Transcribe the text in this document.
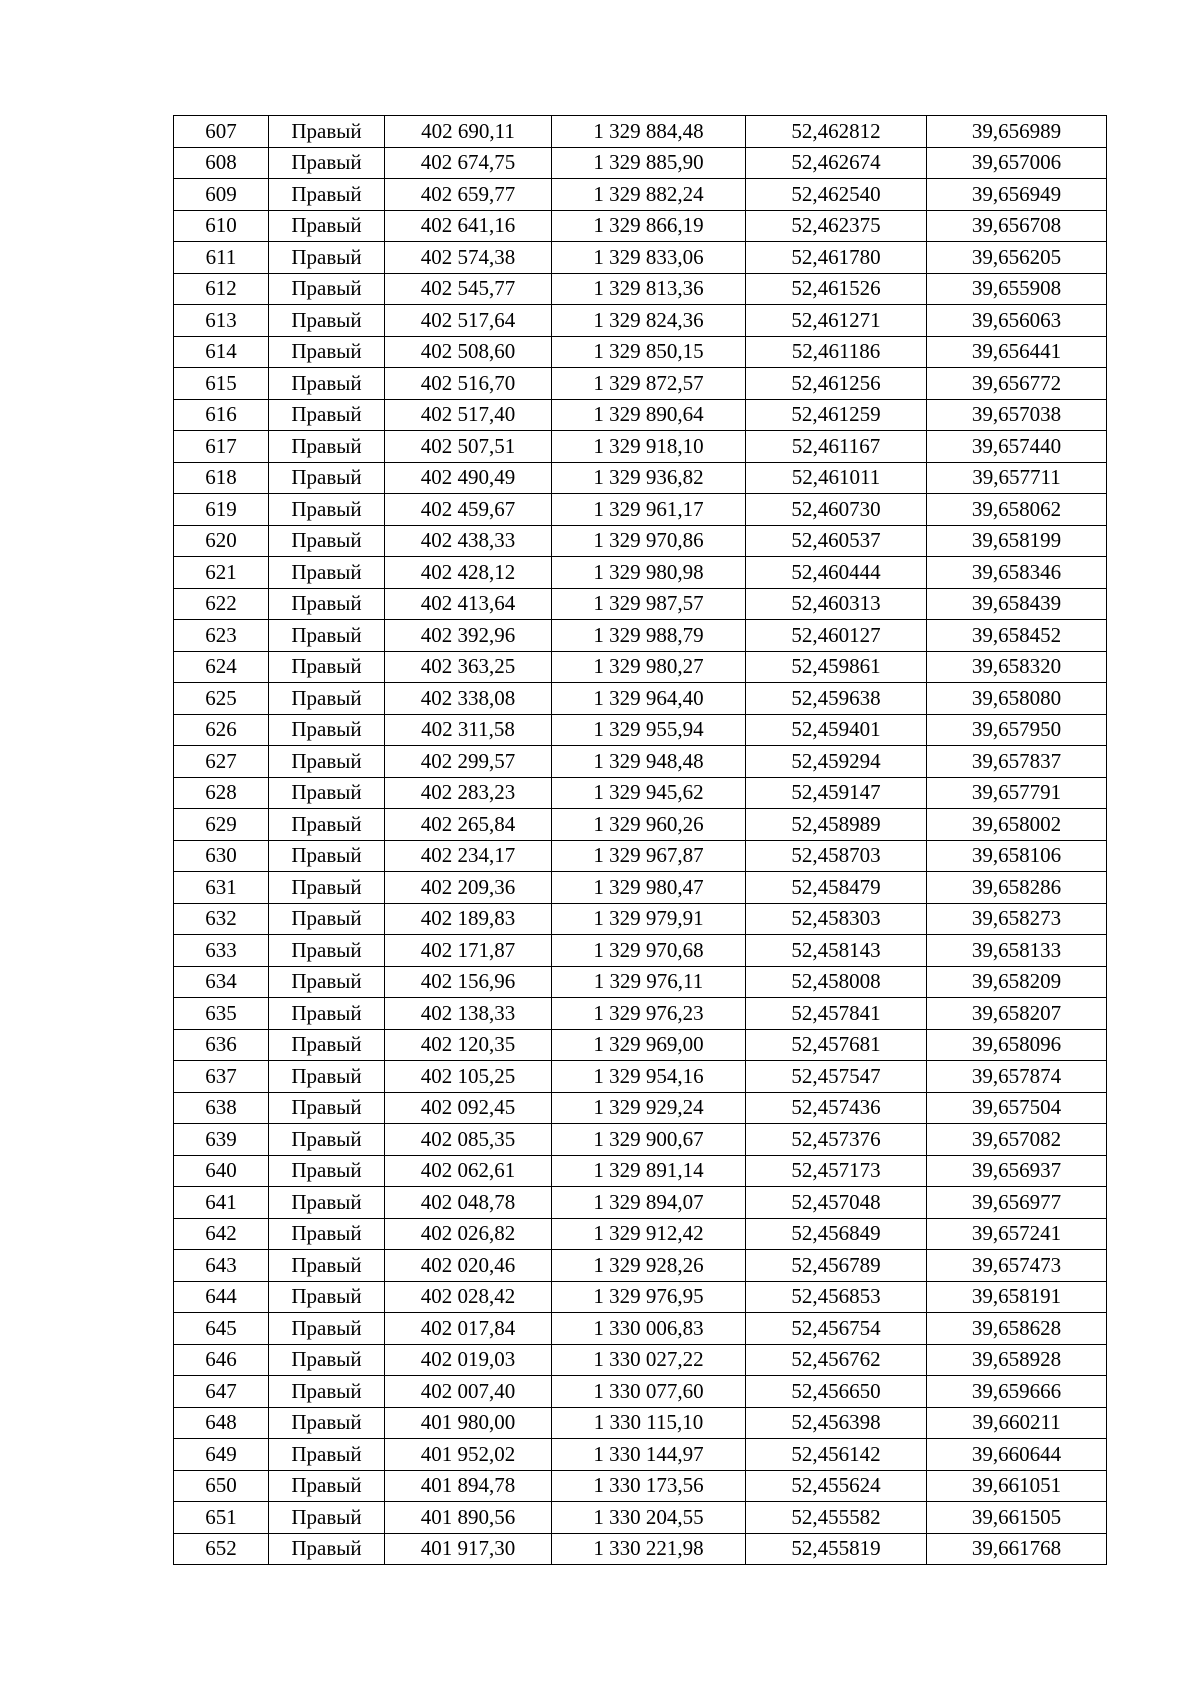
607	Правый	402 690,11	1 329 884,48	52,462812	39,656989
608	Правый	402 674,75	1 329 885,90	52,462674	39,657006
609	Правый	402 659,77	1 329 882,24	52,462540	39,656949
610	Правый	402 641,16	1 329 866,19	52,462375	39,656708
611	Правый	402 574,38	1 329 833,06	52,461780	39,656205
612	Правый	402 545,77	1 329 813,36	52,461526	39,655908
613	Правый	402 517,64	1 329 824,36	52,461271	39,656063
614	Правый	402 508,60	1 329 850,15	52,461186	39,656441
615	Правый	402 516,70	1 329 872,57	52,461256	39,656772
616	Правый	402 517,40	1 329 890,64	52,461259	39,657038
617	Правый	402 507,51	1 329 918,10	52,461167	39,657440
618	Правый	402 490,49	1 329 936,82	52,461011	39,657711
619	Правый	402 459,67	1 329 961,17	52,460730	39,658062
620	Правый	402 438,33	1 329 970,86	52,460537	39,658199
621	Правый	402 428,12	1 329 980,98	52,460444	39,658346
622	Правый	402 413,64	1 329 987,57	52,460313	39,658439
623	Правый	402 392,96	1 329 988,79	52,460127	39,658452
624	Правый	402 363,25	1 329 980,27	52,459861	39,658320
625	Правый	402 338,08	1 329 964,40	52,459638	39,658080
626	Правый	402 311,58	1 329 955,94	52,459401	39,657950
627	Правый	402 299,57	1 329 948,48	52,459294	39,657837
628	Правый	402 283,23	1 329 945,62	52,459147	39,657791
629	Правый	402 265,84	1 329 960,26	52,458989	39,658002
630	Правый	402 234,17	1 329 967,87	52,458703	39,658106
631	Правый	402 209,36	1 329 980,47	52,458479	39,658286
632	Правый	402 189,83	1 329 979,91	52,458303	39,658273
633	Правый	402 171,87	1 329 970,68	52,458143	39,658133
634	Правый	402 156,96	1 329 976,11	52,458008	39,658209
635	Правый	402 138,33	1 329 976,23	52,457841	39,658207
636	Правый	402 120,35	1 329 969,00	52,457681	39,658096
637	Правый	402 105,25	1 329 954,16	52,457547	39,657874
638	Правый	402 092,45	1 329 929,24	52,457436	39,657504
639	Правый	402 085,35	1 329 900,67	52,457376	39,657082
640	Правый	402 062,61	1 329 891,14	52,457173	39,656937
641	Правый	402 048,78	1 329 894,07	52,457048	39,656977
642	Правый	402 026,82	1 329 912,42	52,456849	39,657241
643	Правый	402 020,46	1 329 928,26	52,456789	39,657473
644	Правый	402 028,42	1 329 976,95	52,456853	39,658191
645	Правый	402 017,84	1 330 006,83	52,456754	39,658628
646	Правый	402 019,03	1 330 027,22	52,456762	39,658928
647	Правый	402 007,40	1 330 077,60	52,456650	39,659666
648	Правый	401 980,00	1 330 115,10	52,456398	39,660211
649	Правый	401 952,02	1 330 144,97	52,456142	39,660644
650	Правый	401 894,78	1 330 173,56	52,455624	39,661051
651	Правый	401 890,56	1 330 204,55	52,455582	39,661505
652	Правый	401 917,30	1 330 221,98	52,455819	39,661768
